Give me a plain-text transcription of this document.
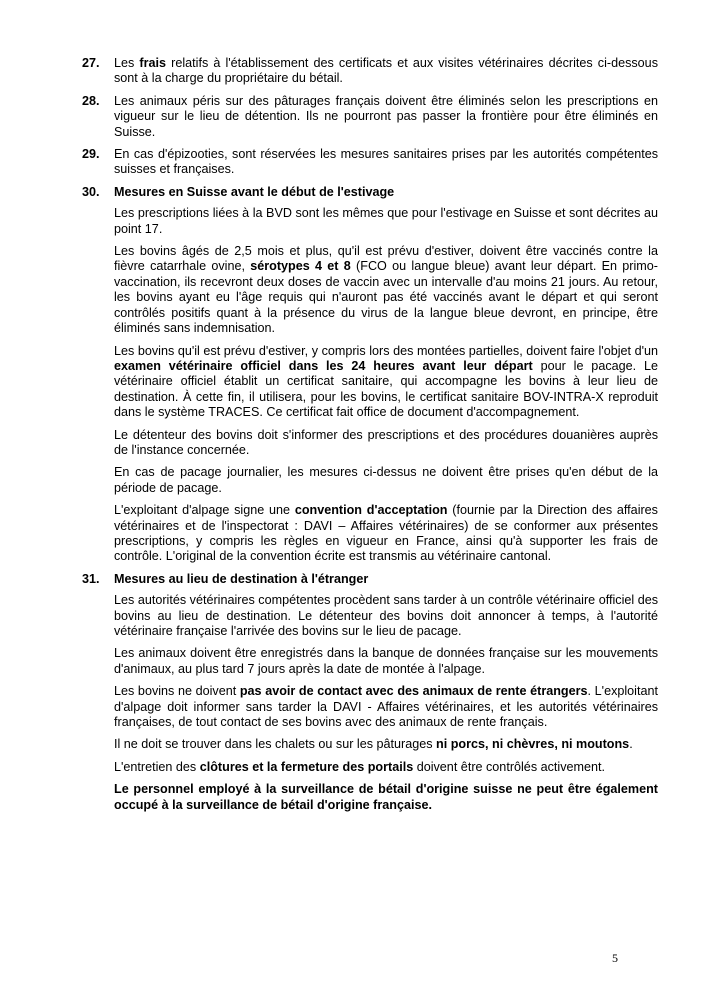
27. Les frais relatifs à l'établissement des certificats et aux visites vétérinaires décrites ci-dessous sont à la charge du propriétaire du bétail.

28. Les animaux péris sur des pâturages français doivent être éliminés selon les prescriptions en vigueur sur le lieu de détention. Ils ne pourront pas passer la frontière pour être éliminés en Suisse.

29. En cas d'épizooties, sont réservées les mesures sanitaires prises par les autorités compétentes suisses et françaises.

30. Mesures en Suisse avant le début de l'estivage

Les prescriptions liées à la BVD sont les mêmes que pour l'estivage en Suisse et sont décrites au point 17.

Les bovins âgés de 2,5 mois et plus, qu'il est prévu d'estiver, doivent être vaccinés contre la fièvre catarrhale ovine, sérotypes 4 et 8 (FCO ou langue bleue) avant leur départ. En primo-vaccination, ils recevront deux doses de vaccin avec un intervalle d'au moins 21 jours. Au retour, les bovins ayant eu l'âge requis qui n'auront pas été vaccinés avant le départ et qui seront contrôlés positifs quant à la présence du virus de la langue bleue devront, en principe, être éliminés sans indemnisation.

Les bovins qu'il est prévu d'estiver, y compris lors des montées partielles, doivent faire l'objet d'un examen vétérinaire officiel dans les 24 heures avant leur départ pour le pacage. Le vétérinaire officiel établit un certificat sanitaire, qui accompagne les bovins à leur lieu de destination. À cette fin, il utilisera, pour les bovins, le certificat sanitaire BOV-INTRA-X reproduit dans le système TRACES. Ce certificat fait office de document d'accompagnement.

Le détenteur des bovins doit s'informer des prescriptions et des procédures douanières auprès de l'instance concernée.

En cas de pacage journalier, les mesures ci-dessus ne doivent être prises qu'en début de la période de pacage.

L'exploitant d'alpage signe une convention d'acceptation (fournie par la Direction des affaires vétérinaires et de l'inspectorat : DAVI – Affaires vétérinaires) de se conformer aux présentes prescriptions, y compris les règles en vigueur en France, ainsi qu'à supporter les frais de contrôle. L'original de la convention écrite est transmis au vétérinaire cantonal.

31. Mesures au lieu de destination à l'étranger

Les autorités vétérinaires compétentes procèdent sans tarder à un contrôle vétérinaire officiel des bovins au lieu de destination. Le détenteur des bovins doit annoncer à temps, à l'autorité vétérinaire française l'arrivée des bovins sur le lieu de pacage.

Les animaux doivent être enregistrés dans la banque de données française sur les mouvements d'animaux, au plus tard 7 jours après la date de montée à l'alpage.

Les bovins ne doivent pas avoir de contact avec des animaux de rente étrangers. L'exploitant d'alpage doit informer sans tarder la DAVI - Affaires vétérinaires, et les autorités vétérinaires françaises, de tout contact de ses bovins avec des animaux de rente français.

Il ne doit se trouver dans les chalets ou sur les pâturages ni porcs, ni chèvres, ni moutons.

L'entretien des clôtures et la fermeture des portails doivent être contrôlés activement.

Le personnel employé à la surveillance de bétail d'origine suisse ne peut être également occupé à la surveillance de bétail d'origine française.

5
